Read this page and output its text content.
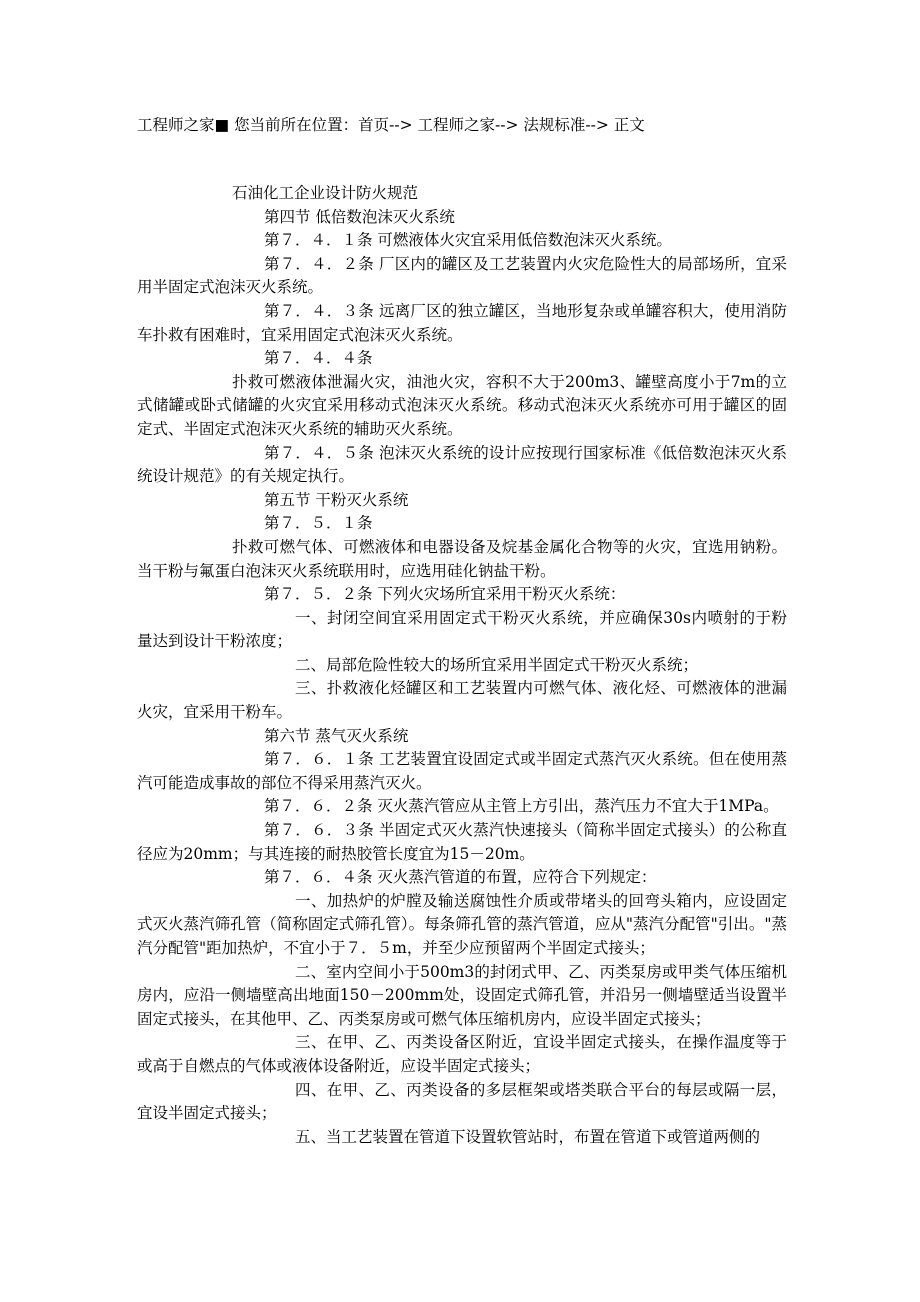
工程师之家■ 您当前所在位置：首页--> 工程师之家--> 法规标准--> 正文

石油化工企业设计防火规范

第四节 低倍数泡沫灭火系统

第７．４．１条 可燃液体火灾宜采用低倍数泡沫灭火系统。

第７．４．２条 厂区内的罐区及工艺装置内火灾危险性大的局部场所，宜采用半固定式泡沫灭火系统。

第７．４．３条 远离厂区的独立罐区，当地形复杂或单罐容积大，使用消防车扑救有困难时，宜采用固定式泡沫灭火系统。

第７．４．４条

扑救可燃液体泄漏火灾，油池火灾，容积不大于200m3、罐壁高度小于7m的立式储罐或卧式储罐的火灾宜采用移动式泡沫灭火系统。移动式泡沫灭火系统亦可用于罐区的固定式、半固定式泡沫灭火系统的辅助灭火系统。

第７．４．５条 泡沫灭火系统的设计应按现行国家标准《低倍数泡沫灭火系统设计规范》的有关规定执行。

第五节 干粉灭火系统

第７．５．１条

扑救可燃气体、可燃液体和电器设备及烷基金属化合物等的火灾，宜选用钠粉。当干粉与氟蛋白泡沫灭火系统联用时，应选用硅化钠盐干粉。

第７．５．２条 下列火灾场所宜采用干粉灭火系统：

一、封闭空间宜采用固定式干粉灭火系统，并应确保30s内喷射的于粉量达到设计干粉浓度；

二、局部危险性较大的场所宜采用半固定式干粉灭火系统；

三、扑救液化烃罐区和工艺装置内可燃气体、液化烃、可燃液体的泄漏火灾，宜采用干粉车。

第六节 蒸气灭火系统

第７．６．１条 工艺装置宜设固定式或半固定式蒸汽灭火系统。但在使用蒸汽可能造成事故的部位不得采用蒸汽灭火。

第７．６．２条 灭火蒸汽管应从主管上方引出，蒸汽压力不宜大于1MPa。

第７．６．３条 半固定式灭火蒸汽快速接头（简称半固定式接头）的公称直径应为20mm；与其连接的耐热胶管长度宜为15－20m。

第７．６．４条 灭火蒸汽管道的布置，应符合下列规定：

一、加热炉的炉膛及输送腐蚀性介质或带堵头的回弯头箱内，应设固定式灭火蒸汽筛孔管（简称固定式筛孔管）。每条筛孔管的蒸汽管道，应从"蒸汽分配管"引出。"蒸汽分配管"距加热炉，不宜小于７．５m，并至少应预留两个半固定式接头；

二、室内空间小于500m3的封闭式甲、乙、丙类泵房或甲类气体压缩机房内，应沿一侧墙壁高出地面150－200mm处，设固定式筛孔管，并沿另一侧墙壁适当设置半固定式接头，在其他甲、乙、丙类泵房或可燃气体压缩机房内，应设半固定式接头；

三、在甲、乙、丙类设备区附近，宜设半固定式接头，在操作温度等于或高于自燃点的气体或液体设备附近，应设半固定式接头；

四、在甲、乙、丙类设备的多层框架或塔类联合平台的每层或隔一层，宜设半固定式接头；

五、当工艺装置在管道下设置软管站时，布置在管道下或管道两侧的
